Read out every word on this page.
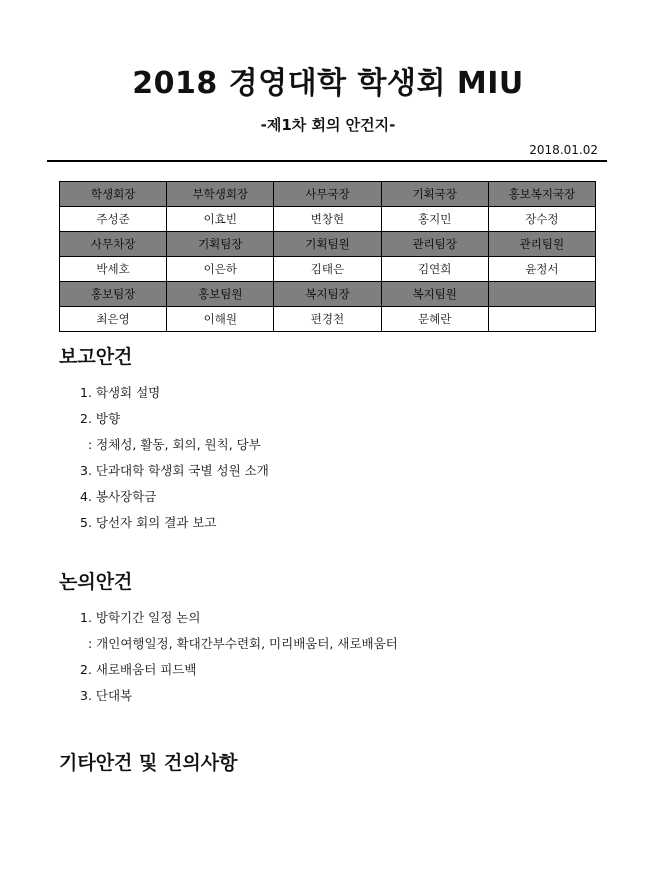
2018 경영대학 학생회 MIU
-제1차 회의 안건지-
2018.01.02
학생회장	부학생회장	사무국장	기획국장	홍보복지국장
주성준	이효빈	변창현	홍지민	장수정
사무차장	기획팀장	기획팀원	관리팀장	관리팀원
박세호	이은하	김태은	김연희	윤정서
홍보팀장	홍보팀원	복지팀장	복지팀원	
최은영	이해원	편경천	문혜란	
보고안건
1. 학생회 설명
2. 방향
: 정체성, 활동, 회의, 원칙, 당부
3. 단과대학 학생회 국별 성원 소개
4. 봉사장학금
5. 당선자 회의 결과 보고
논의안건
1. 방학기간 일정 논의
: 개인여행일정, 확대간부수련회, 미리배움터, 새로배움터
2. 새로배움터 피드백
3. 단대복
기타안건 및 건의사항
